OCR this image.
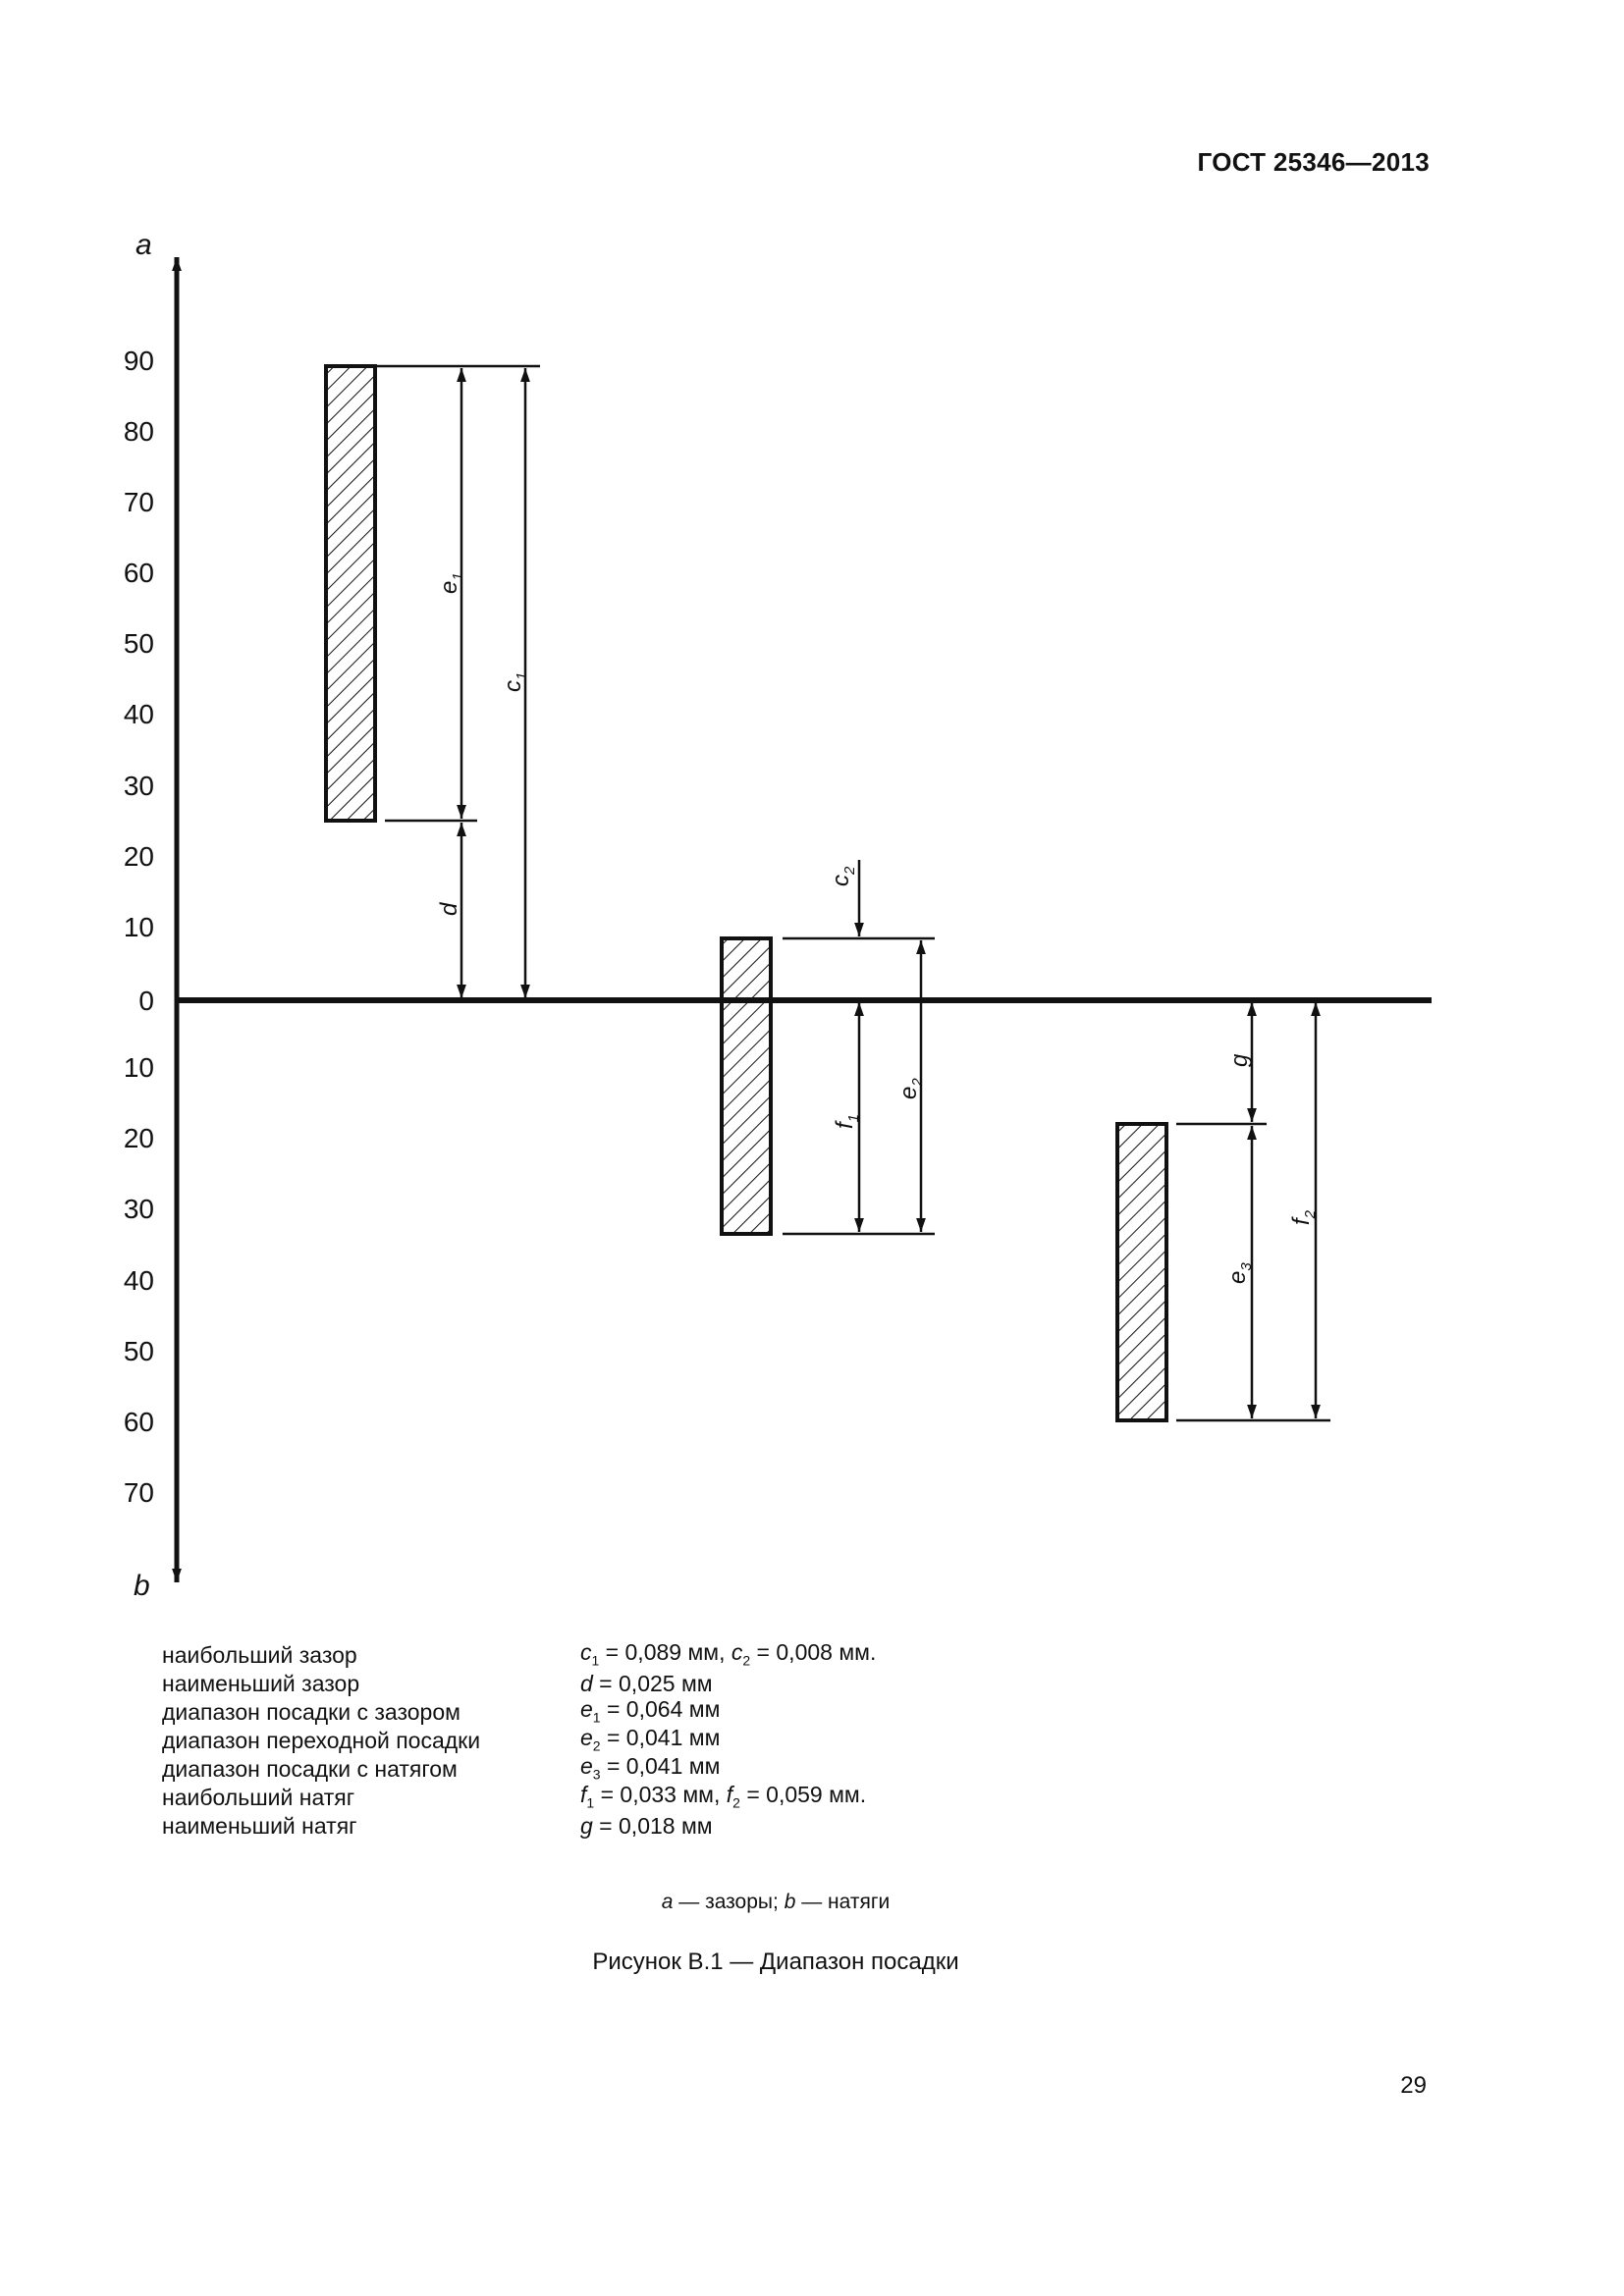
ГОСТ 25346—2013
a
b
90
80
70
60
50
40
30
20
10
0
10
20
30
40
50
60
70
$e_1$
$c_1$
d
$c_2$
$f_1$
$e_2$
g
$e_3$
$f_2$
наибольший зазор	$c_1 = 0,089$ мм, $c_2 = 0,008$ мм.
наименьший зазор	d = 0,025 мм
диапазон посадки с зазором	$e_1 = 0,064$ мм
диапазон переходной посадки	$e_2 = 0,041$ мм
диапазон посадки с натягом	$e_3 = 0,041$ мм
наибольший натяг	$f_1 = 0,033$ мм, $f_2 = 0,059$ мм.
наименьший натяг	g = 0,018 мм
a — зазоры; b — натяги
Рисунок В.1 — Диапазон посадки
29
